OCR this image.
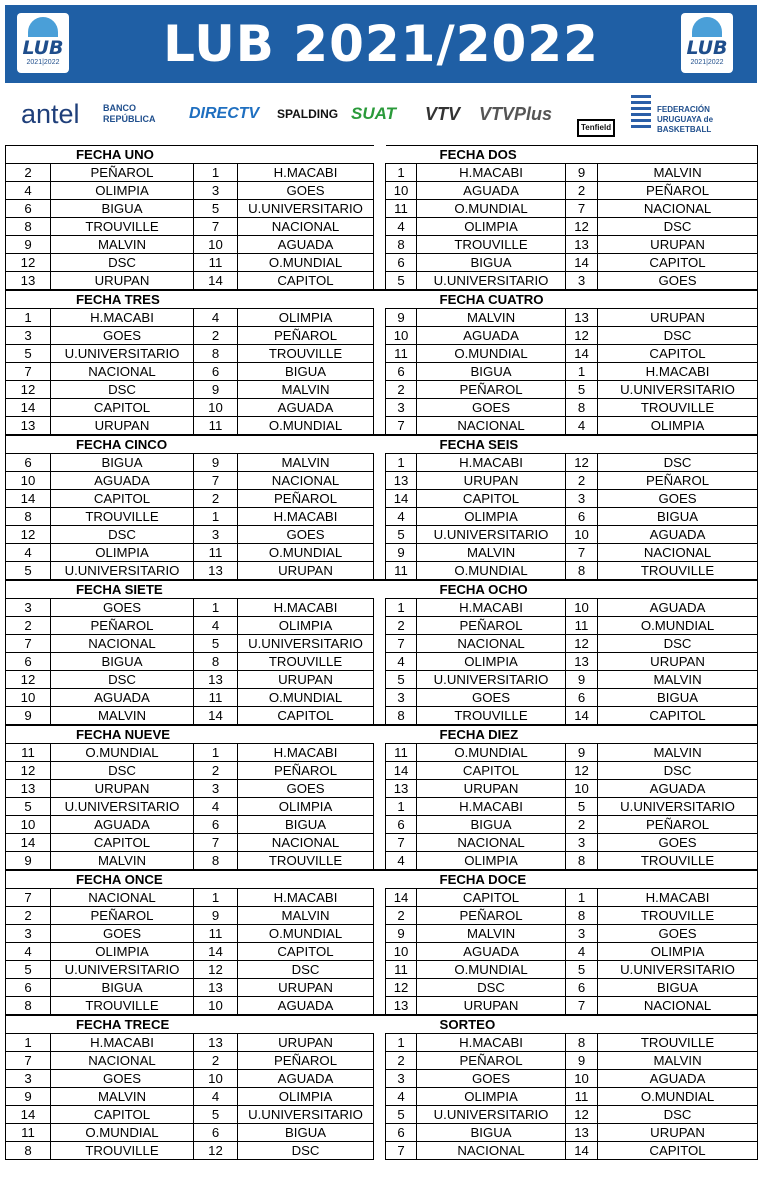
LUB
2021|2022	LUB 2021/2022	LUB
2021|2022
antel	BANCO REPÚBLICA	DIRECTV SPALDING SUAT VTV VTVPlus
Tenfield
FEDERACIÓN URUGUAYA de BASKETBALL
FECHA UNO					FECHA DOS			
2	PEÑAROL	1	H.MACABI		1	H.MACABI	9	MALVIN
4	OLIMPIA	3	GOES		10	AGUADA	2	PEÑAROL
6	BIGUA	5	U.UNIVERSITARIO		11	O.MUNDIAL	7	NACIONAL
8	TROUVILLE	7	NACIONAL		4	OLIMPIA	12	DSC
9	MALVIN	10	AGUADA		8	TROUVILLE	13	URUPAN
12	DSC	11	O.MUNDIAL		6	BIGUA	14	CAPITOL
13	URUPAN	14	CAPITOL		5	U.UNIVERSITARIO	3	GOES
FECHA TRES					FECHA CUATRO			
1	H.MACABI	4	OLIMPIA		9	MALVIN	13	URUPAN
3	GOES	2	PEÑAROL		10	AGUADA	12	DSC
5	U.UNIVERSITARIO	8	TROUVILLE		11	O.MUNDIAL	14	CAPITOL
7	NACIONAL	6	BIGUA		6	BIGUA	1	H.MACABI
12	DSC	9	MALVIN		2	PEÑAROL	5	U.UNIVERSITARIO
14	CAPITOL	10	AGUADA		3	GOES	8	TROUVILLE
13	URUPAN	11	O.MUNDIAL		7	NACIONAL	4	OLIMPIA
FECHA CINCO					FECHA SEIS			
6	BIGUA	9	MALVIN		1	H.MACABI	12	DSC
10	AGUADA	7	NACIONAL		13	URUPAN	2	PEÑAROL
14	CAPITOL	2	PEÑAROL		14	CAPITOL	3	GOES
8	TROUVILLE	1	H.MACABI		4	OLIMPIA	6	BIGUA
12	DSC	3	GOES		5	U.UNIVERSITARIO	10	AGUADA
4	OLIMPIA	11	O.MUNDIAL		9	MALVIN	7	NACIONAL
5	U.UNIVERSITARIO	13	URUPAN		11	O.MUNDIAL	8	TROUVILLE
FECHA SIETE					FECHA OCHO			
3	GOES	1	H.MACABI		1	H.MACABI	10	AGUADA
2	PEÑAROL	4	OLIMPIA		2	PEÑAROL	11	O.MUNDIAL
7	NACIONAL	5	U.UNIVERSITARIO		7	NACIONAL	12	DSC
6	BIGUA	8	TROUVILLE		4	OLIMPIA	13	URUPAN
12	DSC	13	URUPAN		5	U.UNIVERSITARIO	9	MALVIN
10	AGUADA	11	O.MUNDIAL		3	GOES	6	BIGUA
9	MALVIN	14	CAPITOL		8	TROUVILLE	14	CAPITOL
FECHA NUEVE					FECHA DIEZ			
11	O.MUNDIAL	1	H.MACABI		11	O.MUNDIAL	9	MALVIN
12	DSC	2	PEÑAROL		14	CAPITOL	12	DSC
13	URUPAN	3	GOES		13	URUPAN	10	AGUADA
5	U.UNIVERSITARIO	4	OLIMPIA		1	H.MACABI	5	U.UNIVERSITARIO
10	AGUADA	6	BIGUA		6	BIGUA	2	PEÑAROL
14	CAPITOL	7	NACIONAL		7	NACIONAL	3	GOES
9	MALVIN	8	TROUVILLE		4	OLIMPIA	8	TROUVILLE
FECHA ONCE					FECHA DOCE			
7	NACIONAL	1	H.MACABI		14	CAPITOL	1	H.MACABI
2	PEÑAROL	9	MALVIN		2	PEÑAROL	8	TROUVILLE
3	GOES	11	O.MUNDIAL		9	MALVIN	3	GOES
4	OLIMPIA	14	CAPITOL		10	AGUADA	4	OLIMPIA
5	U.UNIVERSITARIO	12	DSC		11	O.MUNDIAL	5	U.UNIVERSITARIO
6	BIGUA	13	URUPAN		12	DSC	6	BIGUA
8	TROUVILLE	10	AGUADA		13	URUPAN	7	NACIONAL
FECHA TRECE					SORTEO			
1	H.MACABI	13	URUPAN		1	H.MACABI	8	TROUVILLE
7	NACIONAL	2	PEÑAROL		2	PEÑAROL	9	MALVIN
3	GOES	10	AGUADA		3	GOES	10	AGUADA
9	MALVIN	4	OLIMPIA		4	OLIMPIA	11	O.MUNDIAL
14	CAPITOL	5	U.UNIVERSITARIO		5	U.UNIVERSITARIO	12	DSC
11	O.MUNDIAL	6	BIGUA		6	BIGUA	13	URUPAN
8	TROUVILLE	12	DSC		7	NACIONAL	14	CAPITOL
